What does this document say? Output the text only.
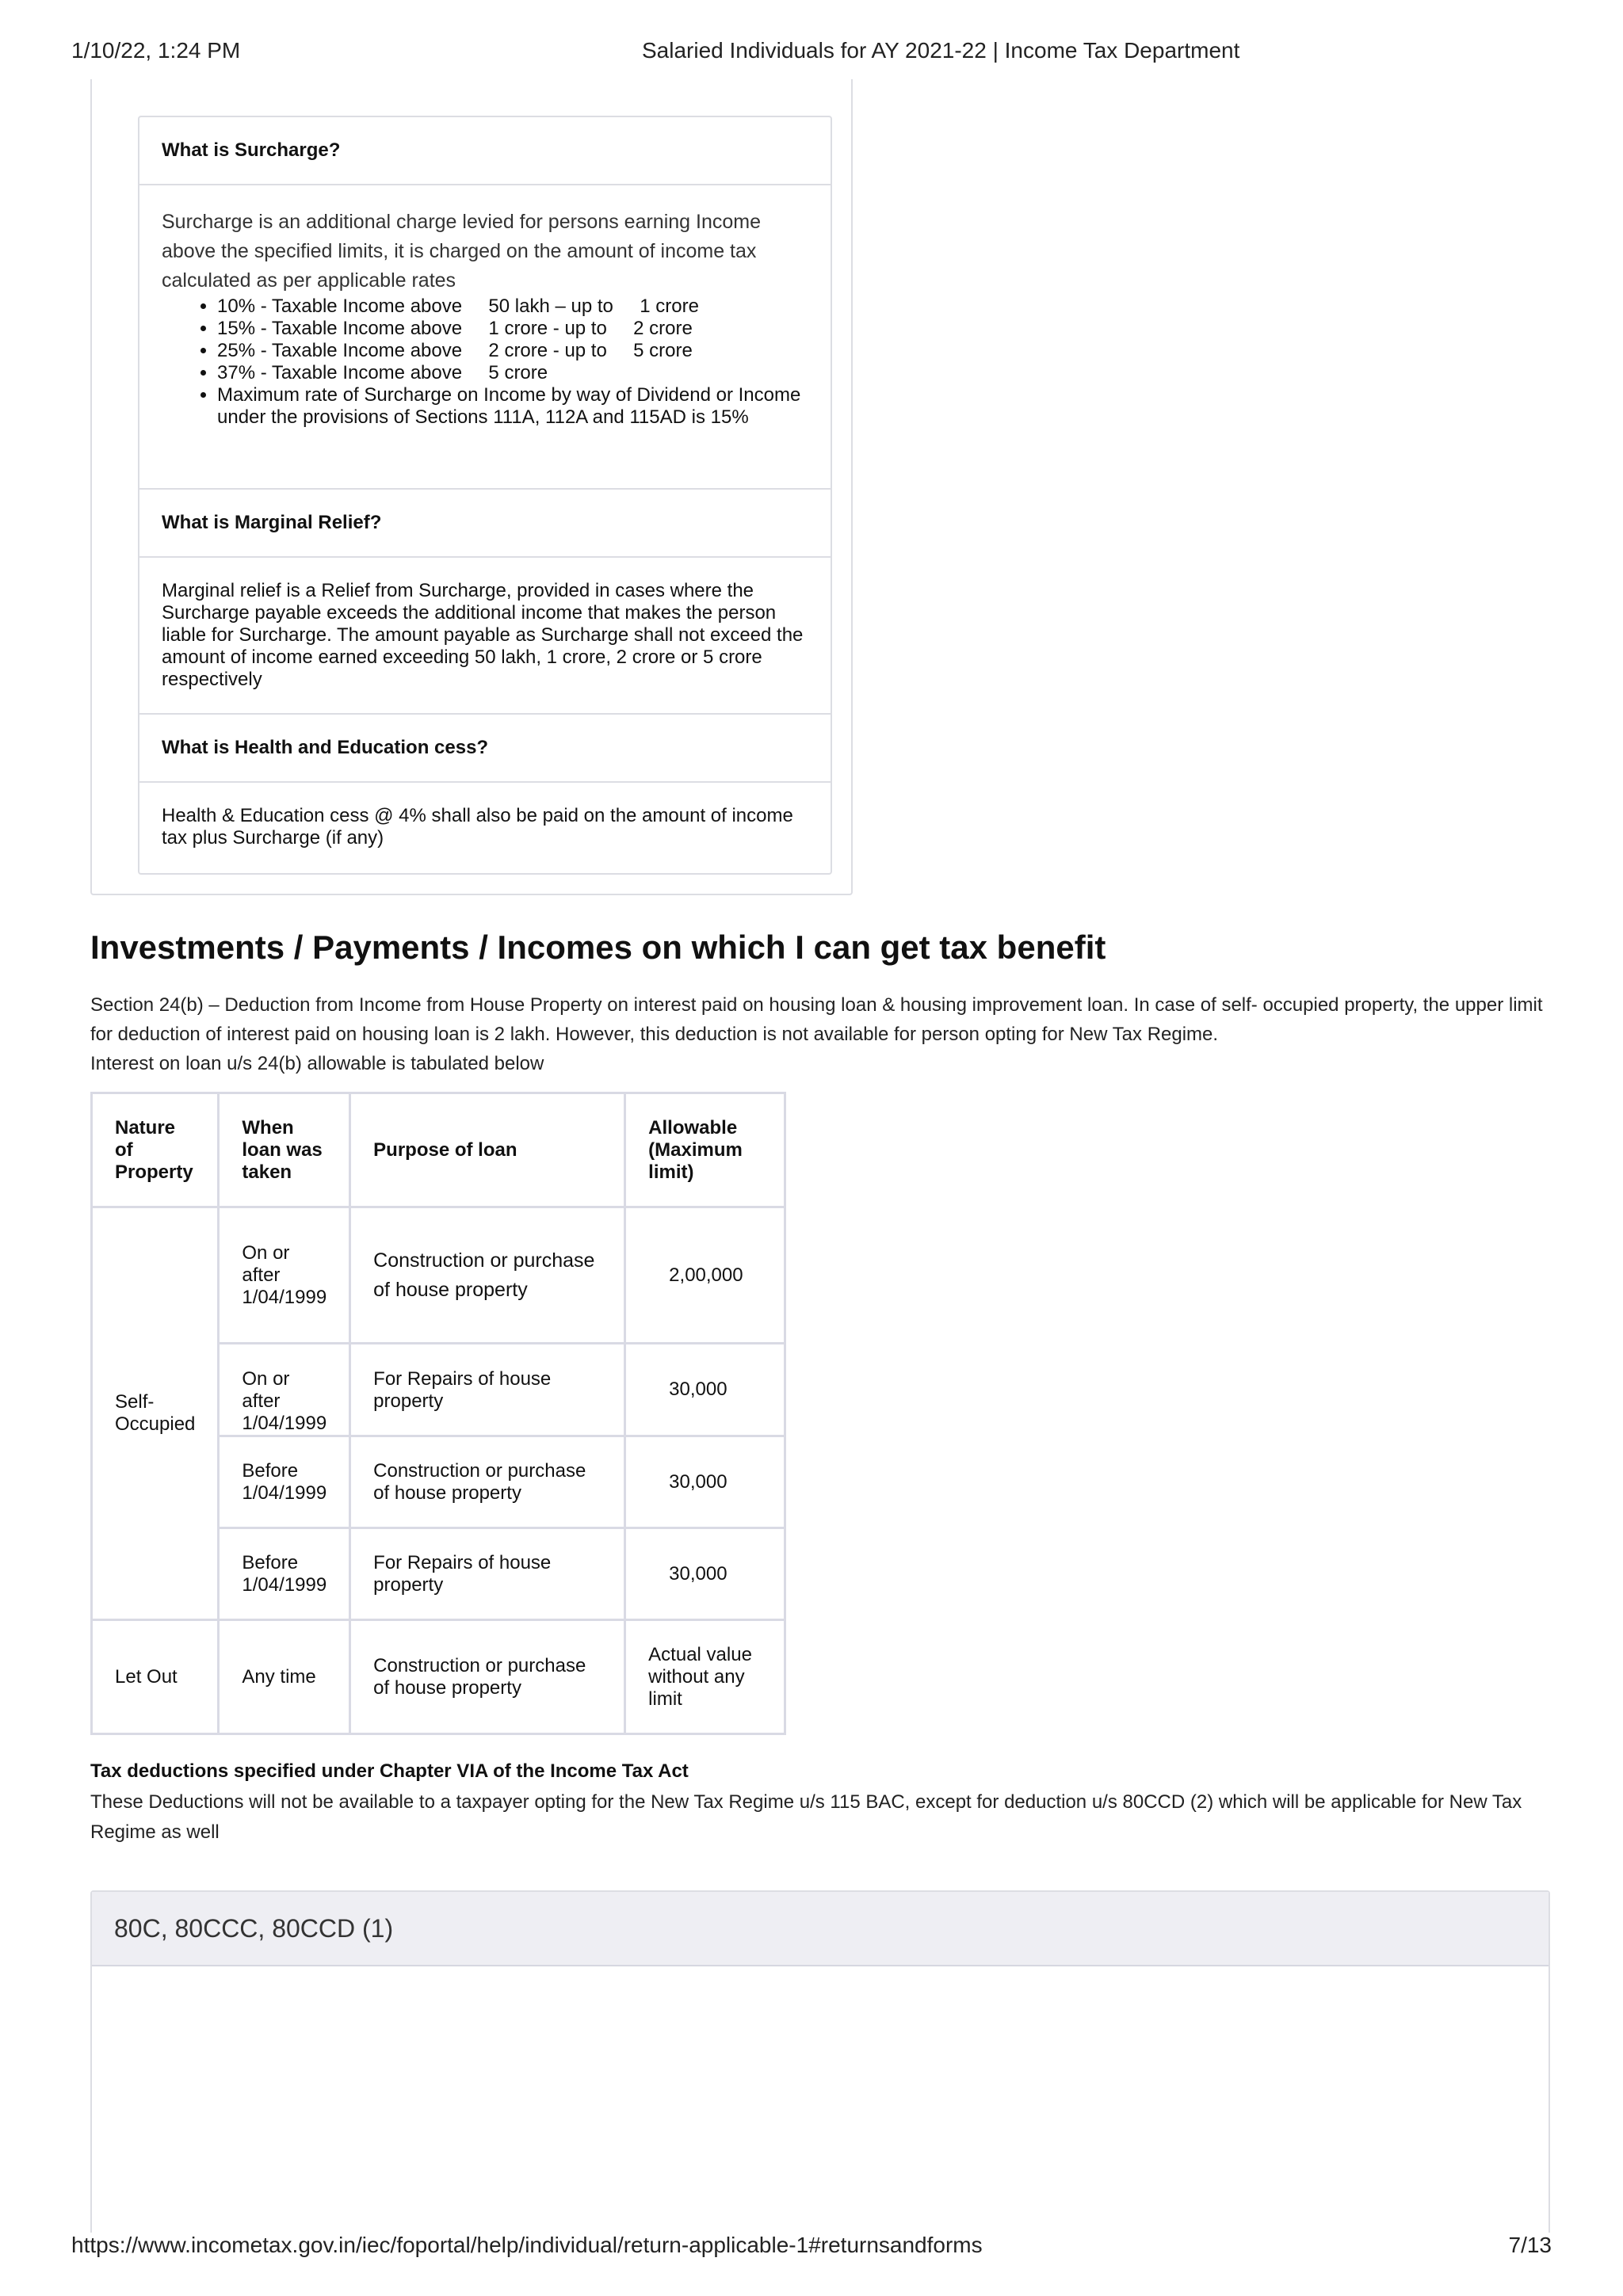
1/10/22, 1:24 PM	Salaried Individuals for AY 2021-22 | Income Tax Department
What is Surcharge?
Surcharge is an additional charge levied for persons earning Income above the specified limits, it is charged on the amount of income tax calculated as per applicable rates
• 10% - Taxable Income above     50 lakh – up to     1 crore
• 15% - Taxable Income above     1 crore - up to     2 crore
• 25% - Taxable Income above     2 crore - up to     5 crore
• 37% - Taxable Income above     5 crore
• Maximum rate of Surcharge on Income by way of Dividend or Income under the provisions of Sections 111A, 112A and 115AD is 15%
What is Marginal Relief?
Marginal relief is a Relief from Surcharge, provided in cases where the Surcharge payable exceeds the additional income that makes the person liable for Surcharge. The amount payable as Surcharge shall not exceed the amount of income earned exceeding 50 lakh, 1 crore, 2 crore or 5 crore respectively
What is Health and Education cess?
Health & Education cess @ 4% shall also be paid on the amount of income tax plus Surcharge (if any)
Investments / Payments / Incomes on which I can get tax benefit
Section 24(b) – Deduction from Income from House Property on interest paid on housing loan & housing improvement loan. In case of self- occupied property, the upper limit for deduction of interest paid on housing loan is 2 lakh. However, this deduction is not available for person opting for New Tax Regime.
Interest on loan u/s 24(b) allowable is tabulated below
Nature of Property	When loan was taken	Purpose of loan	Allowable (Maximum limit)
Self-Occupied	On or after 1/04/1999	Construction or purchase of house property	2,00,000
	On or after 1/04/1999	For Repairs of house property	30,000
	Before 1/04/1999	Construction or purchase of house property	30,000
	Before 1/04/1999	For Repairs of house property	30,000
Let Out	Any time	Construction or purchase of house property	Actual value without any limit
Tax deductions specified under Chapter VIA of the Income Tax Act
These Deductions will not be available to a taxpayer opting for the New Tax Regime u/s 115 BAC, except for deduction u/s 80CCD (2) which will be applicable for New Tax Regime as well
80C, 80CCC, 80CCD (1)
https://www.incometax.gov.in/iec/foportal/help/individual/return-applicable-1#returnsandforms	7/13
